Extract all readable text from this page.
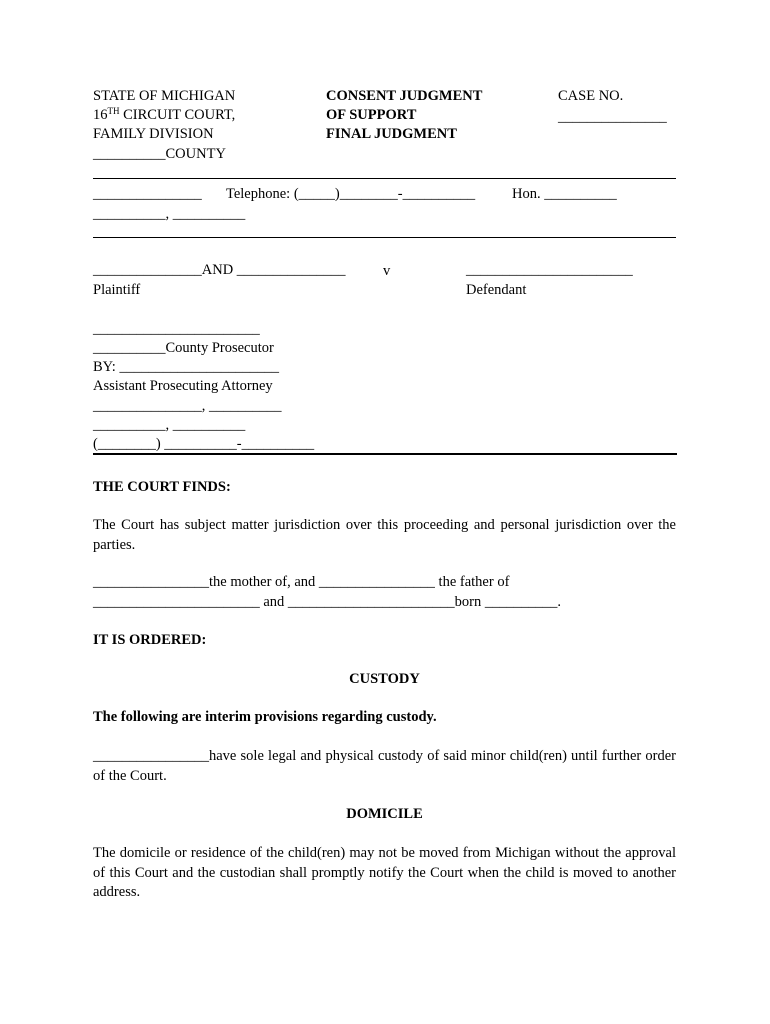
STATE OF MICHIGAN
16TH CIRCUIT COURT,
FAMILY DIVISION
__________COUNTY
CONSENT JUDGMENT
OF SUPPORT
FINAL JUDGMENT
CASE NO.
_______________
_______________ Telephone: (_____)________-__________	Hon. __________
__________, __________
_______________AND _______________	v	_______________________
Plaintiff	Defendant
_______________________
__________County Prosecutor
BY: ______________________
Assistant Prosecuting Attorney
_______________, __________
__________, __________
(________) __________-__________
THE COURT FINDS:
The Court has subject matter jurisdiction over this proceeding and personal jurisdiction over the parties.
________________the mother of, and ________________ the father of
_______________________ and _______________________born __________.
IT IS ORDERED:
CUSTODY
The following are interim provisions regarding custody.
________________have sole legal and physical custody of said minor child(ren) until further order of the Court.
DOMICILE
The domicile or residence of the child(ren) may not be moved from Michigan without the approval of this Court and the custodian shall promptly notify the Court when the child is moved to another address.
